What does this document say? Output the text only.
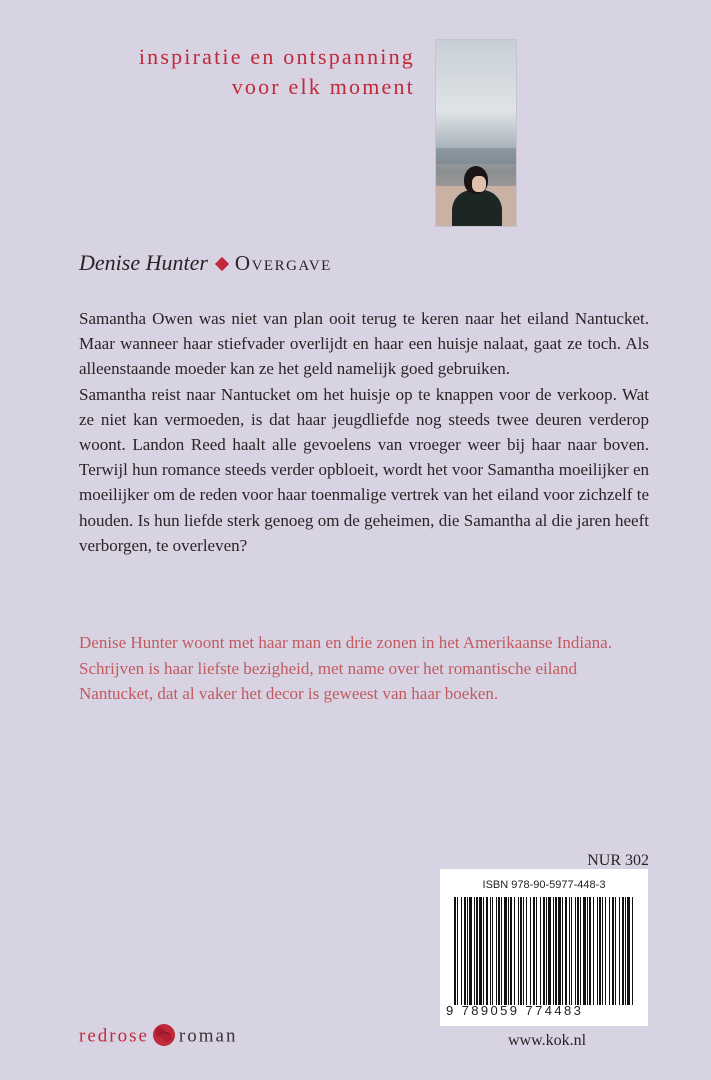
inspiratie en ontspanning
voor elk moment
Denise Hunter Overgave

Samantha Owen was niet van plan ooit terug te keren naar het eiland Nantucket. Maar wanneer haar stiefvader overlijdt en haar een huisje nalaat, gaat ze toch. Als alleenstaande moeder kan ze het geld namelijk goed gebruiken.

Samantha reist naar Nantucket om het huisje op te knappen voor de verkoop. Wat ze niet kan vermoeden, is dat haar jeugdliefde nog steeds twee deuren verderop woont. Landon Reed haalt alle gevoelens van vroeger weer bij haar naar boven. Terwijl hun romance steeds verder opbloeit, wordt het voor Samantha moeilijker en moeilijker om de reden voor haar toenmalige vertrek van het eiland voor zichzelf te houden. Is hun liefde sterk genoeg om de geheimen, die Samantha al die jaren heeft verborgen, te overleven?

Denise Hunter woont met haar man en drie zonen in het Amerikaanse Indiana. Schrijven is haar liefste bezigheid, met name over het romantische eiland Nantucket, dat al vaker het decor is geweest van haar boeken.

NUR 302
ISBN 978-90-5977-448-3
9 789059 774483
redrose roman	www.kok.nl
